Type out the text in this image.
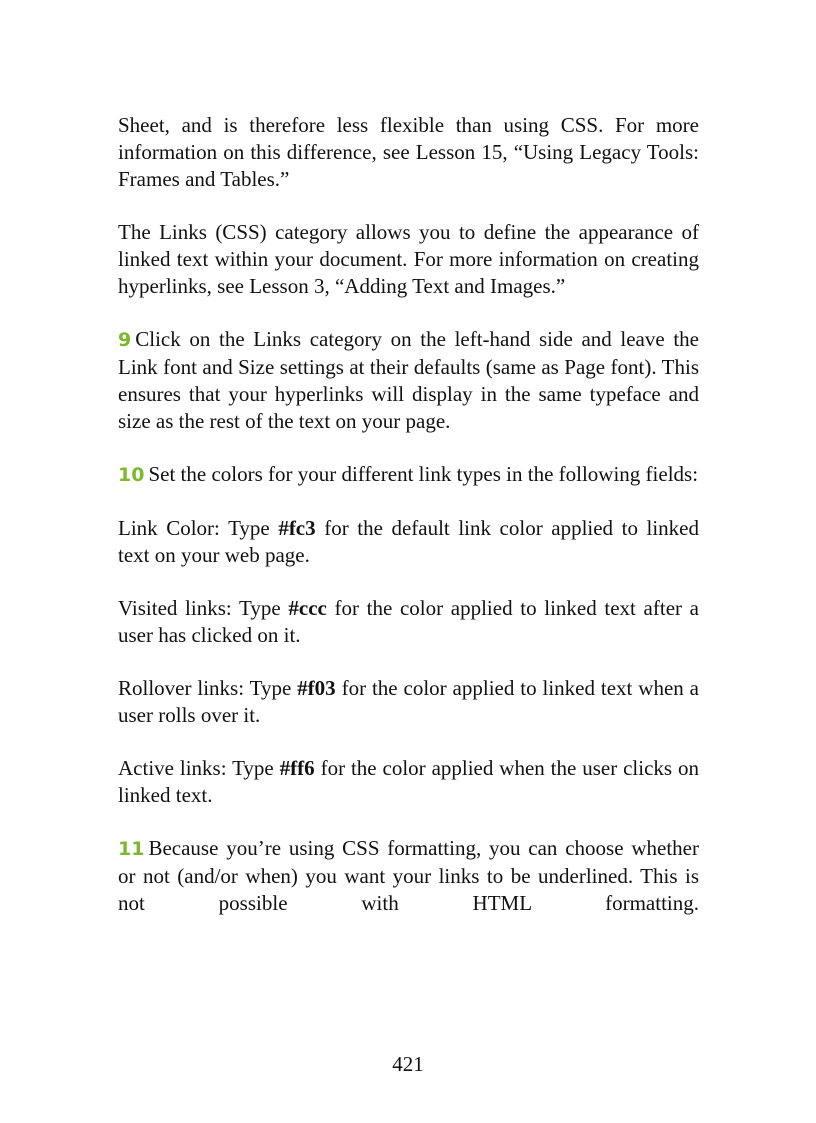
Sheet, and is therefore less flexible than using CSS. For more information on this difference, see Lesson 15, “Using Legacy Tools: Frames and Tables.”

The Links (CSS) category allows you to define the appearance of linked text within your document. For more information on creating hyperlinks, see Lesson 3, “Adding Text and Images.”

9 Click on the Links category on the left-hand side and leave the Link font and Size settings at their defaults (same as Page font). This ensures that your hyperlinks will display in the same typeface and size as the rest of the text on your page.

10 Set the colors for your different link types in the following fields:

Link Color: Type #fc3 for the default link color applied to linked text on your web page.

Visited links: Type #ccc for the color applied to linked text after a user has clicked on it.

Rollover links: Type #f03 for the color applied to linked text when a user rolls over it.

Active links: Type #ff6 for the color applied when the user clicks on linked text.

11 Because you’re using CSS formatting, you can choose whether or not (and/or when) you want your links to be underlined. This is not possible with HTML formatting.

421
